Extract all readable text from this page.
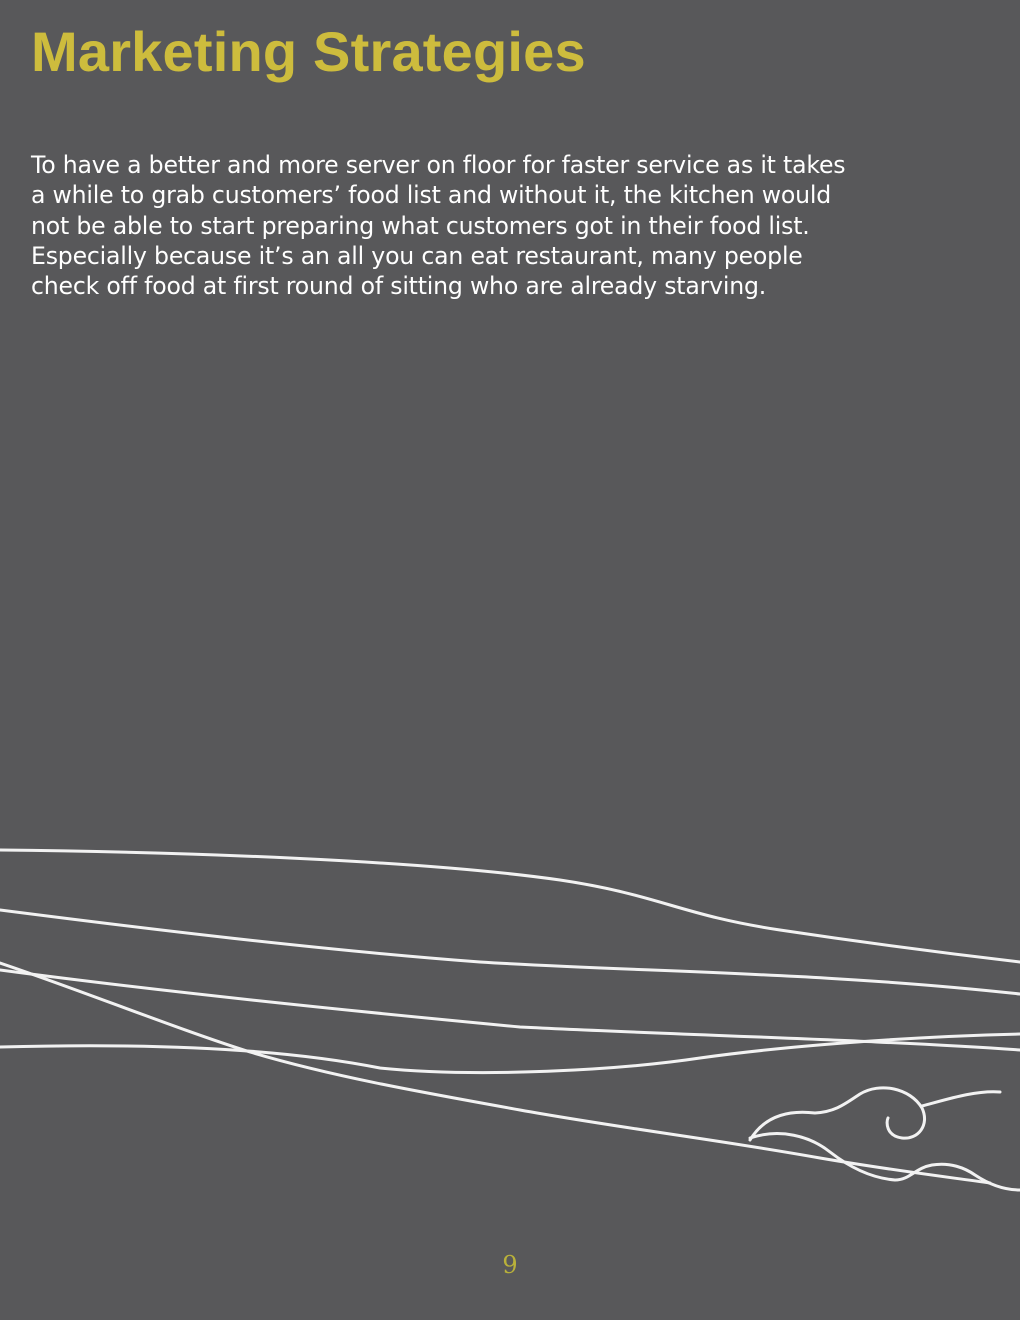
Marketing Strategies

To have a better and more server on floor for faster service as it takes
a while to grab customers’ food list and without it, the kitchen would
not be able to start preparing what customers got in their food list.
Especially because it’s an all you can eat restaurant, many people
check off food at first round of sitting who are already starving.

9
